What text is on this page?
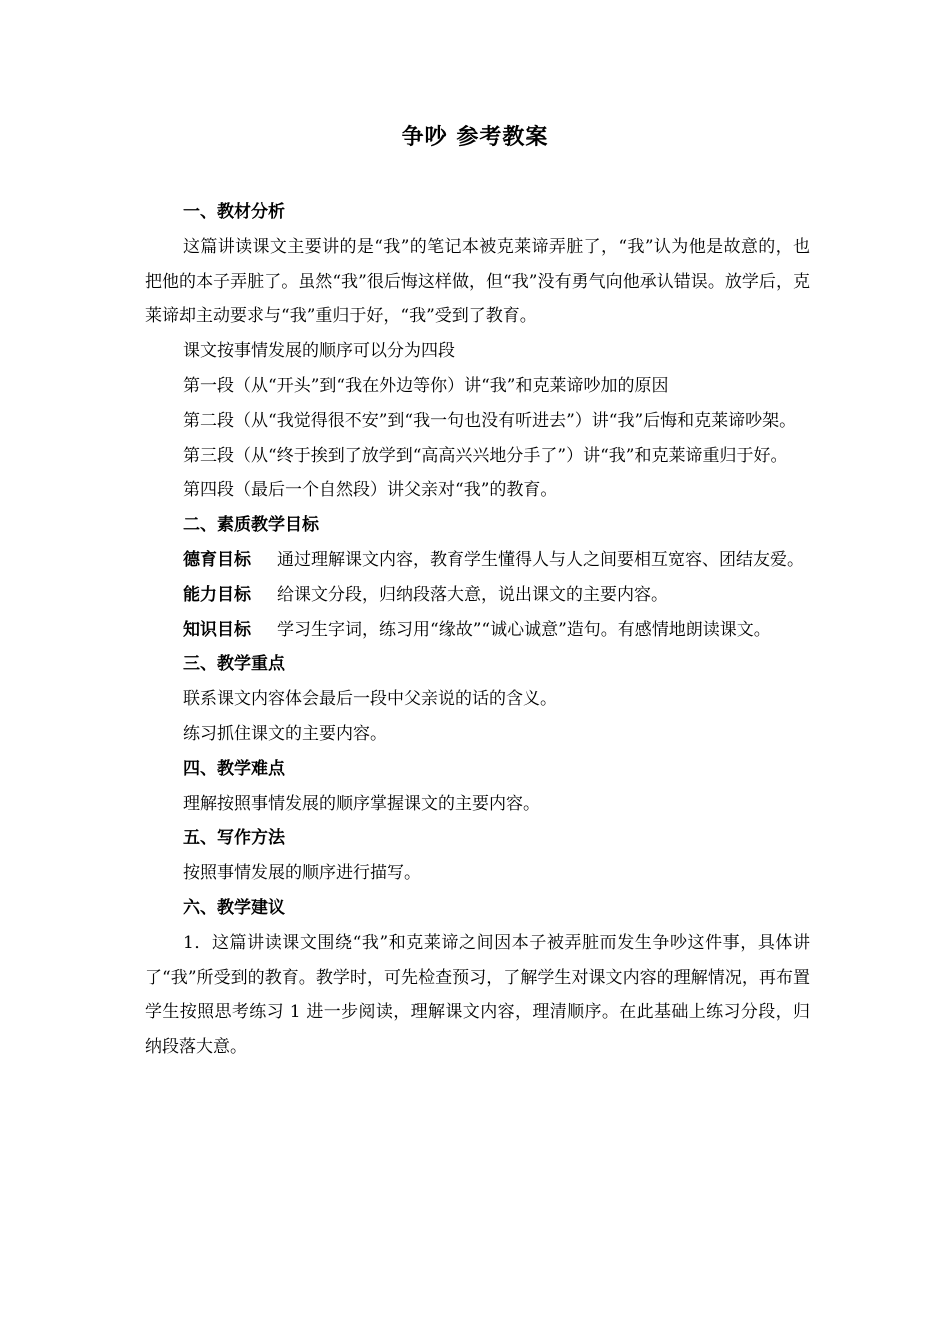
争吵 参考教案

一、教材分析

这篇讲读课文主要讲的是“我”的笔记本被克莱谛弄脏了，“我”认为他是故意的，也把他的本子弄脏了。虽然“我”很后悔这样做，但“我”没有勇气向他承认错误。放学后，克莱谛却主动要求与“我”重归于好，“我”受到了教育。

课文按事情发展的顺序可以分为四段

第一段（从“开头”到“我在外边等你）讲“我”和克莱谛吵加的原因

第二段（从“我觉得很不安”到“我一句也没有听进去”）讲“我”后悔和克莱谛吵架。

第三段（从“终于挨到了放学到“高高兴兴地分手了”）讲“我”和克莱谛重归于好。

第四段（最后一个自然段）讲父亲对“我”的教育。

二、素质教学目标

德育目标 通过理解课文内容，教育学生懂得人与人之间要相互宽容、团结友爱。

能力目标 给课文分段，归纳段落大意，说出课文的主要内容。

知识目标 学习生字词，练习用“缘故”“诚心诚意”造句。有感情地朗读课文。

三、教学重点

联系课文内容体会最后一段中父亲说的话的含义。

练习抓住课文的主要内容。

四、教学难点

理解按照事情发展的顺序掌握课文的主要内容。

五、写作方法

按照事情发展的顺序进行描写。

六、教学建议

1．这篇讲读课文围绕“我”和克莱谛之间因本子被弄脏而发生争吵这件事，具体讲了“我”所受到的教育。教学时，可先检查预习，了解学生对课文内容的理解情况，再布置学生按照思考练习 1 进一步阅读，理解课文内容，理清顺序。在此基础上练习分段，归纳段落大意。
